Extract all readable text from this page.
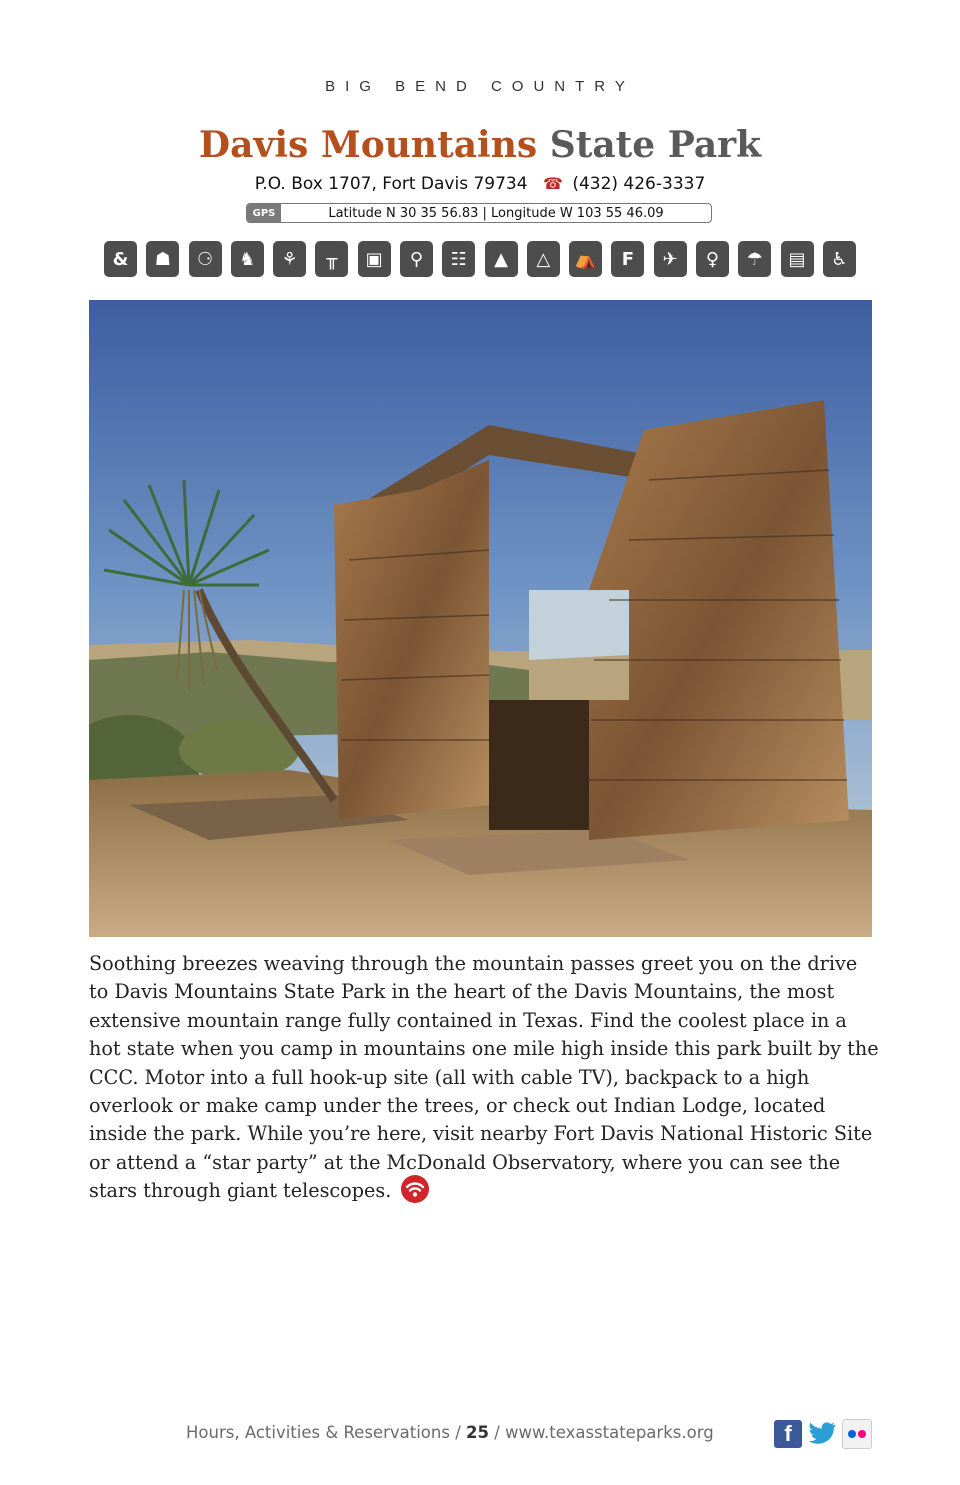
BIG BEND COUNTRY
Davis Mountains State Park
P.O. Box 1707, Fort Davis 79734 ☎ (432) 426-3337
GPS	Latitude N 30 35 56.83 | Longitude W 103 55 46.09
&	☗	⚆	♞	⚘	╥	▣	⚲	☷	▲	△	⛺	F	✈	♀	☂	▤	♿
Soothing breezes weaving through the mountain passes greet you on the drive to Davis Mountains State Park in the heart of the Davis Mountains, the most extensive mountain range fully contained in Texas. Find the coolest place in a hot state when you camp in mountains one mile high inside this park built by the CCC. Motor into a full hook-up site (all with cable TV), backpack to a high overlook or make camp under the trees, or check out Indian Lodge, located inside the park. While you’re here, visit nearby Fort Davis National Historic Site or attend a “star party” at the McDonald Observatory, where you can see the stars through giant telescopes.
Hours, Activities & Reservations / 25 / www.texasstateparks.org	f
